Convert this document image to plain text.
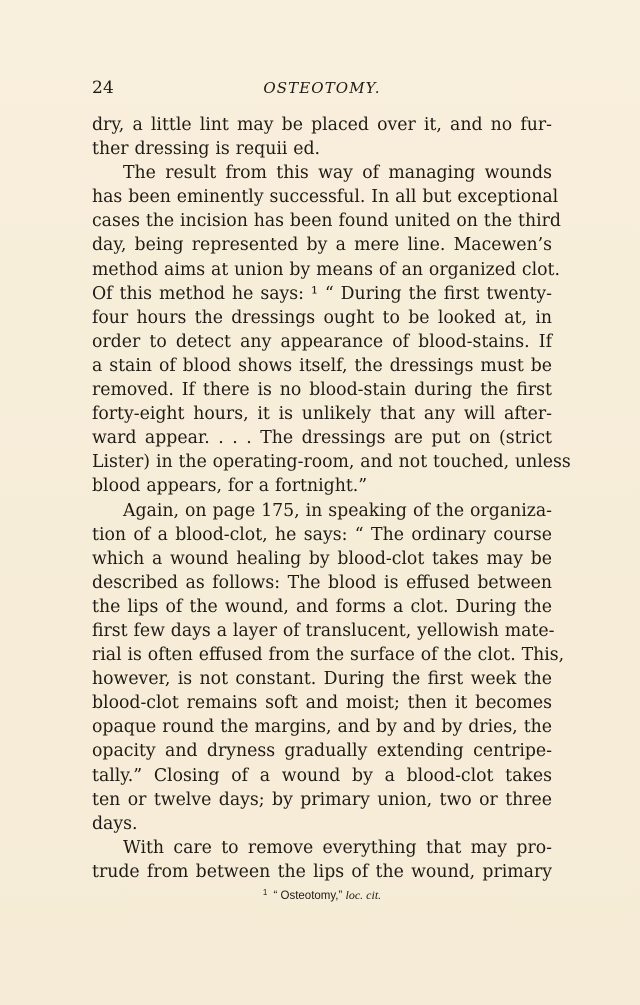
24	OSTEOTOMY.
dry, a little lint may be placed over it, and no fur-
ther dressing is requii ed.
The result from this way of managing wounds
has been eminently successful. In all but exceptional
cases the incision has been found united on the third
day, being represented by a mere line. Macewen’s
method aims at union by means of an organized clot.
Of this method he says: ¹ “ During the first twenty-
four hours the dressings ought to be looked at, in
order to detect any appearance of blood-stains. If
a stain of blood shows itself, the dressings must be
removed. If there is no blood-stain during the first
forty-eight hours, it is unlikely that any will after-
ward appear. . . . The dressings are put on (strict
Lister) in the operating-room, and not touched, unless
blood appears, for a fortnight.”
Again, on page 175, in speaking of the organiza-
tion of a blood-clot, he says: “ The ordinary course
which a wound healing by blood-clot takes may be
described as follows: The blood is effused between
the lips of the wound, and forms a clot. During the
first few days a layer of translucent, yellowish mate-
rial is often effused from the surface of the clot. This,
however, is not constant. During the first week the
blood-clot remains soft and moist; then it becomes
opaque round the margins, and by and by dries, the
opacity and dryness gradually extending centripe-
tally.” Closing of a wound by a blood-clot takes
ten or twelve days; by primary union, two or three
days.
With care to remove everything that may pro-
trude from between the lips of the wound, primary
$^1$ “ Osteotomy,” loc. cit.
